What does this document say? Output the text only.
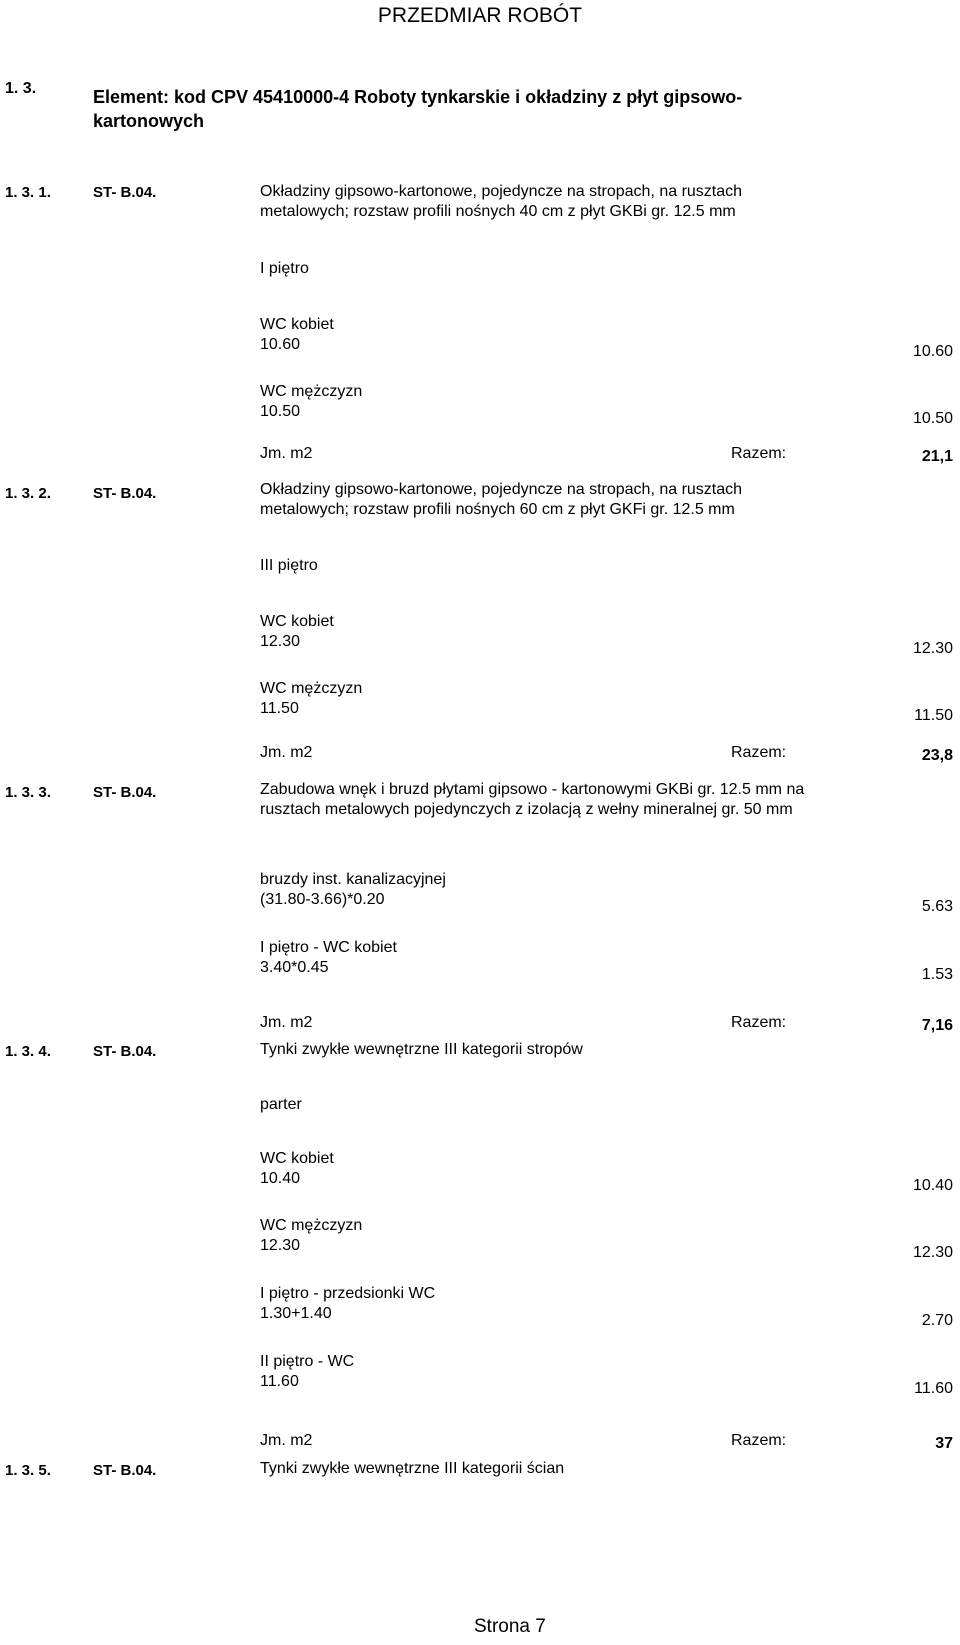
PRZEDMIAR ROBÓT
1. 3.	Element: kod CPV 45410000-4 Roboty tynkarskie i okładziny z płyt gipsowo-kartonowych
1. 3. 1.	ST- B.04.	Okładziny gipsowo-kartonowe, pojedyncze na stropach, na rusztach metalowych; rozstaw profili nośnych 40 cm z płyt GKBi gr. 12.5 mm
I piętro
WC kobiet
10.60	10.60
WC mężczyzn
10.50	10.50
Jm. m2	Razem:	21,1
1. 3. 2.	ST- B.04.	Okładziny gipsowo-kartonowe, pojedyncze na stropach, na rusztach metalowych; rozstaw profili nośnych 60 cm z płyt GKFi gr. 12.5 mm
III piętro
WC kobiet
12.30	12.30
WC mężczyzn
11.50	11.50
Jm. m2	Razem:	23,8
1. 3. 3.	ST- B.04.	Zabudowa wnęk i bruzd płytami gipsowo - kartonowymi GKBi gr. 12.5 mm na rusztach metalowych pojedynczych z izolacją z wełny mineralnej gr. 50 mm
bruzdy inst. kanalizacyjnej
(31.80-3.66)*0.20	5.63
I piętro - WC kobiet
3.40*0.45	1.53
Jm. m2	Razem:	7,16
1. 3. 4.	ST- B.04.	Tynki zwykłe wewnętrzne III kategorii stropów
parter
WC kobiet
10.40	10.40
WC mężczyzn
12.30	12.30
I piętro - przedsionki WC
1.30+1.40	2.70
II piętro - WC
11.60	11.60
Jm. m2	Razem:	37
1. 3. 5.	ST- B.04.	Tynki zwykłe wewnętrzne III kategorii ścian
Strona 7
